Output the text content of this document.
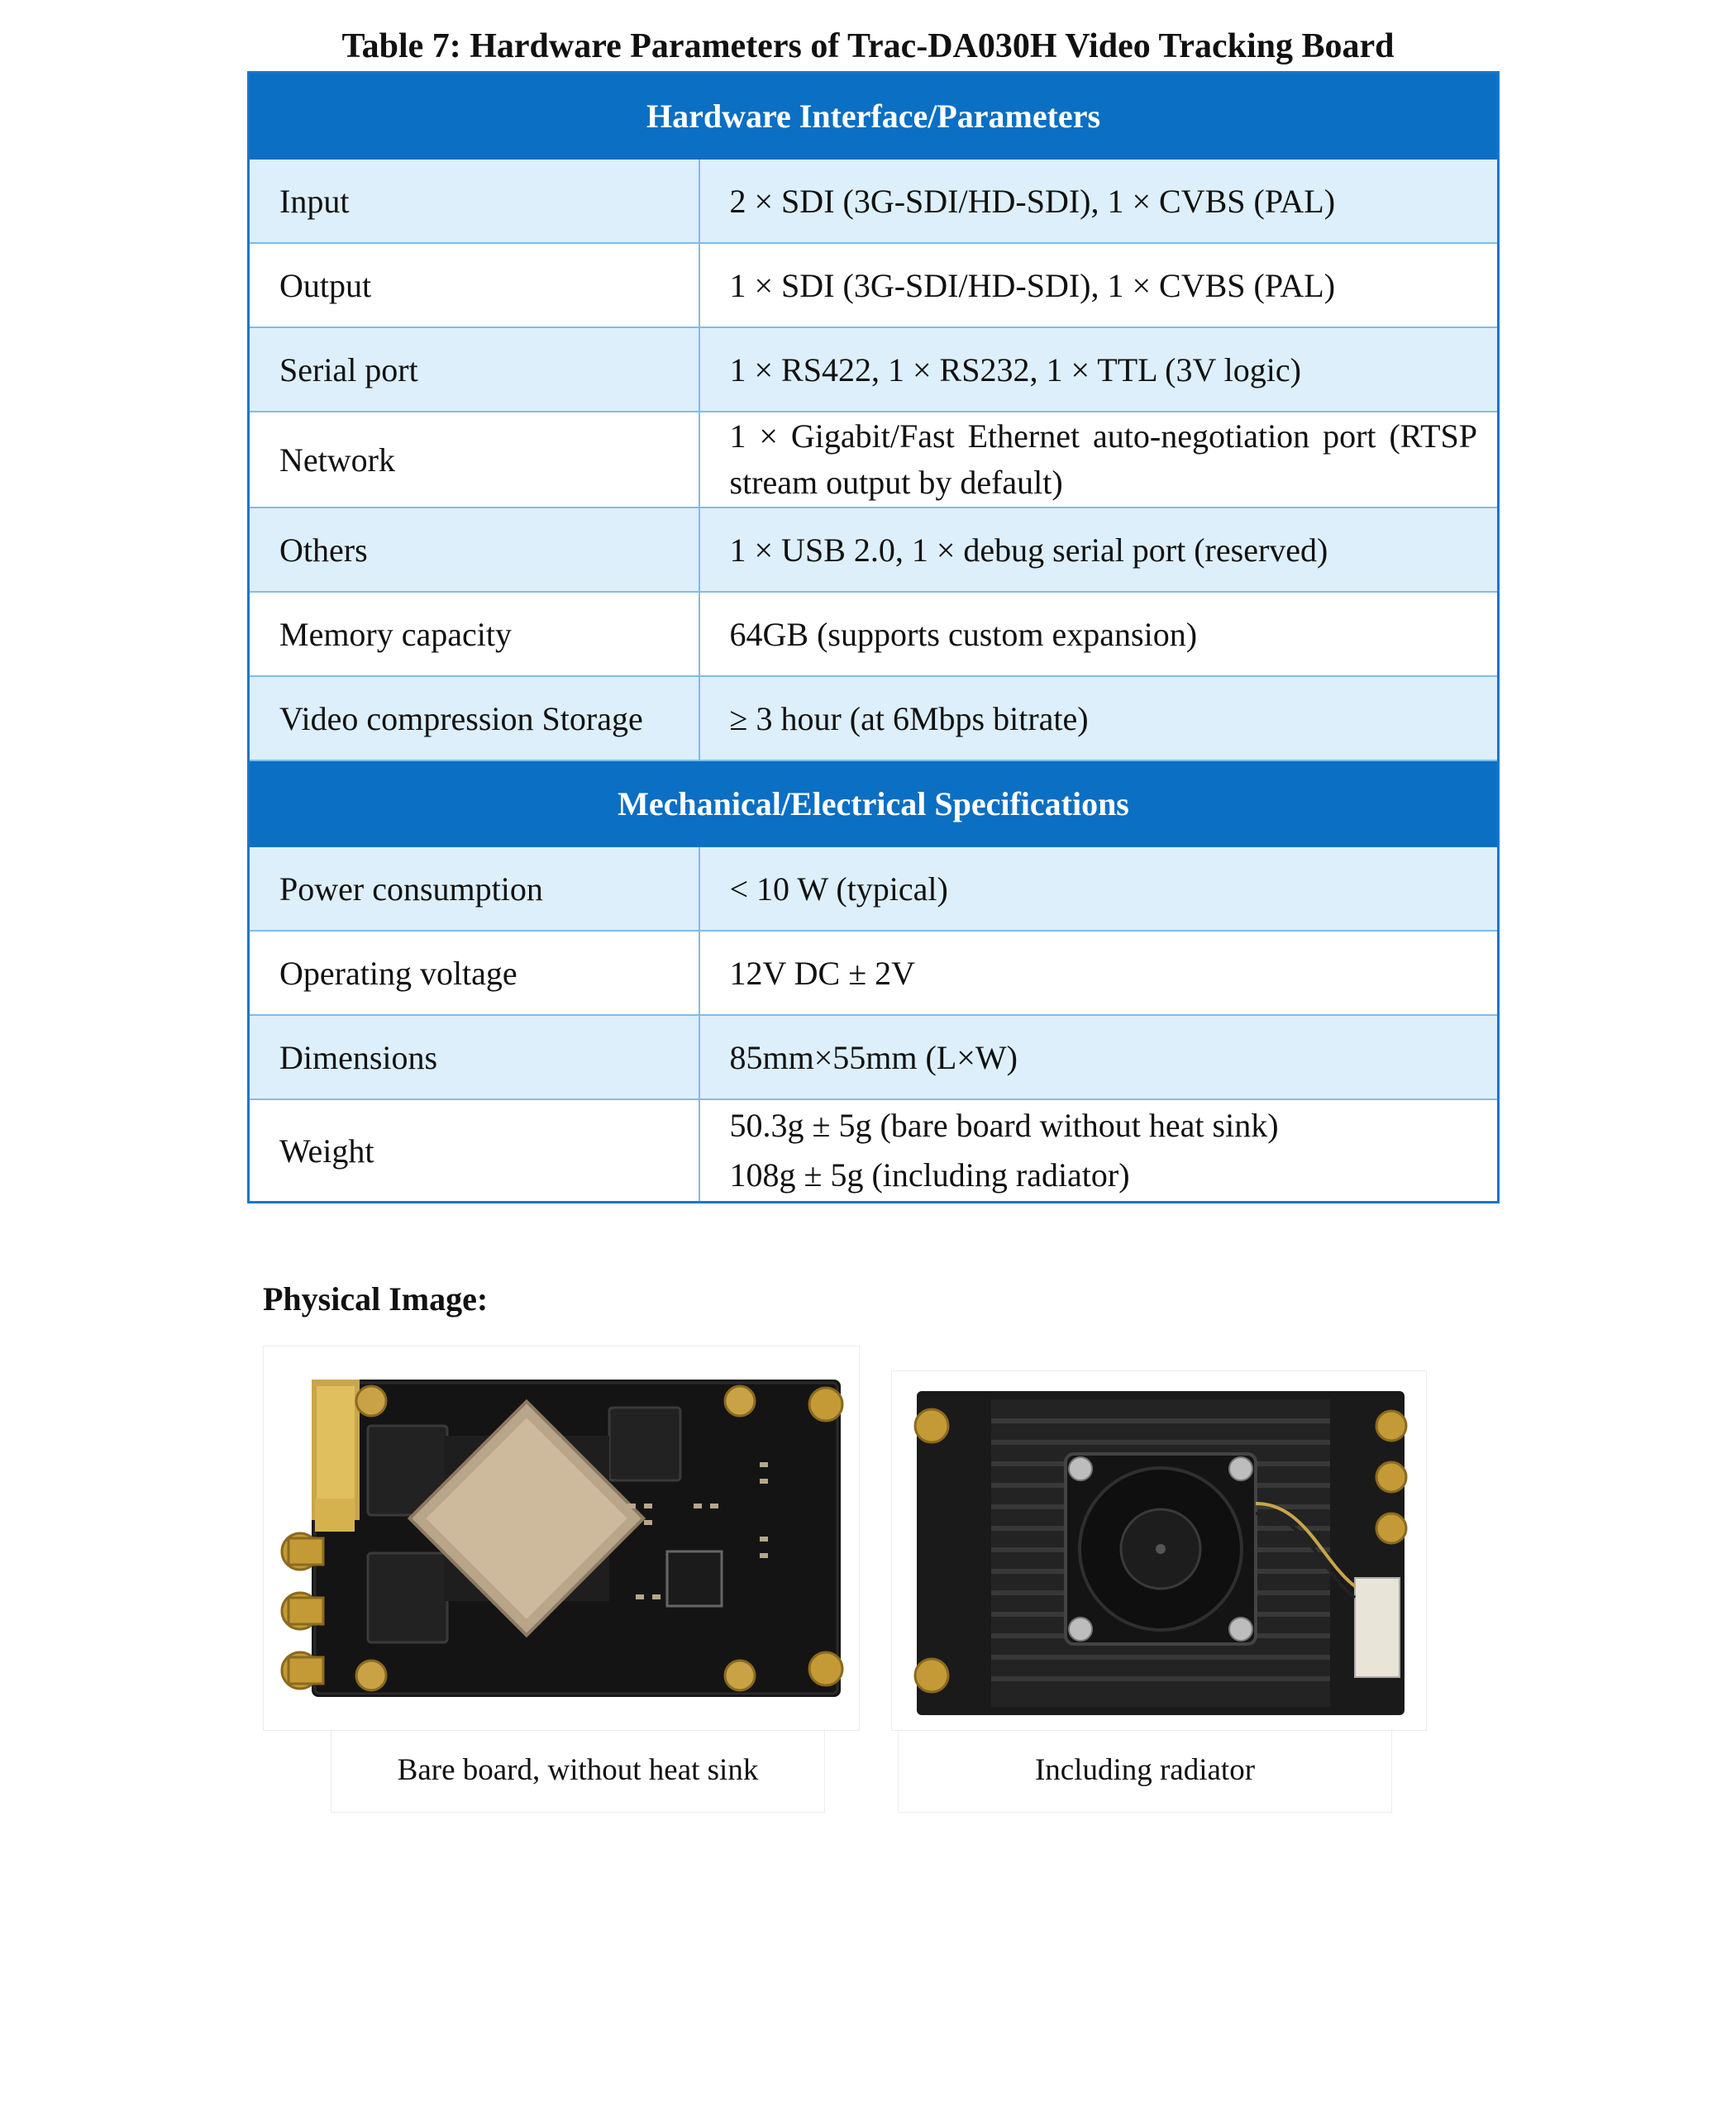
Table 7: Hardware Parameters of Trac-DA030H Video Tracking Board
Hardware Interface/Parameters	
Input	2 × SDI (3G-SDI/HD-SDI), 1 × CVBS (PAL)
Output	1 × SDI (3G-SDI/HD-SDI), 1 × CVBS (PAL)
Serial port	1 × RS422, 1 × RS232, 1 × TTL (3V logic)
Network	1 × Gigabit/Fast Ethernet auto-negotiation port (RTSP stream output by default)
Others	1 × USB 2.0, 1 × debug serial port (reserved)
Memory capacity	64GB (supports custom expansion)
Video compression Storage	≥ 3 hour (at 6Mbps bitrate)
Mechanical/Electrical Specifications	
Power consumption	< 10 W (typical)
Operating voltage	12V DC ± 2V
Dimensions	85mm×55mm (L×W)
Weight	50.3g ± 5g (bare board without heat sink)
108g ± 5g (including radiator)
Physical Image:
Bare board, without heat sink	Including radiator
